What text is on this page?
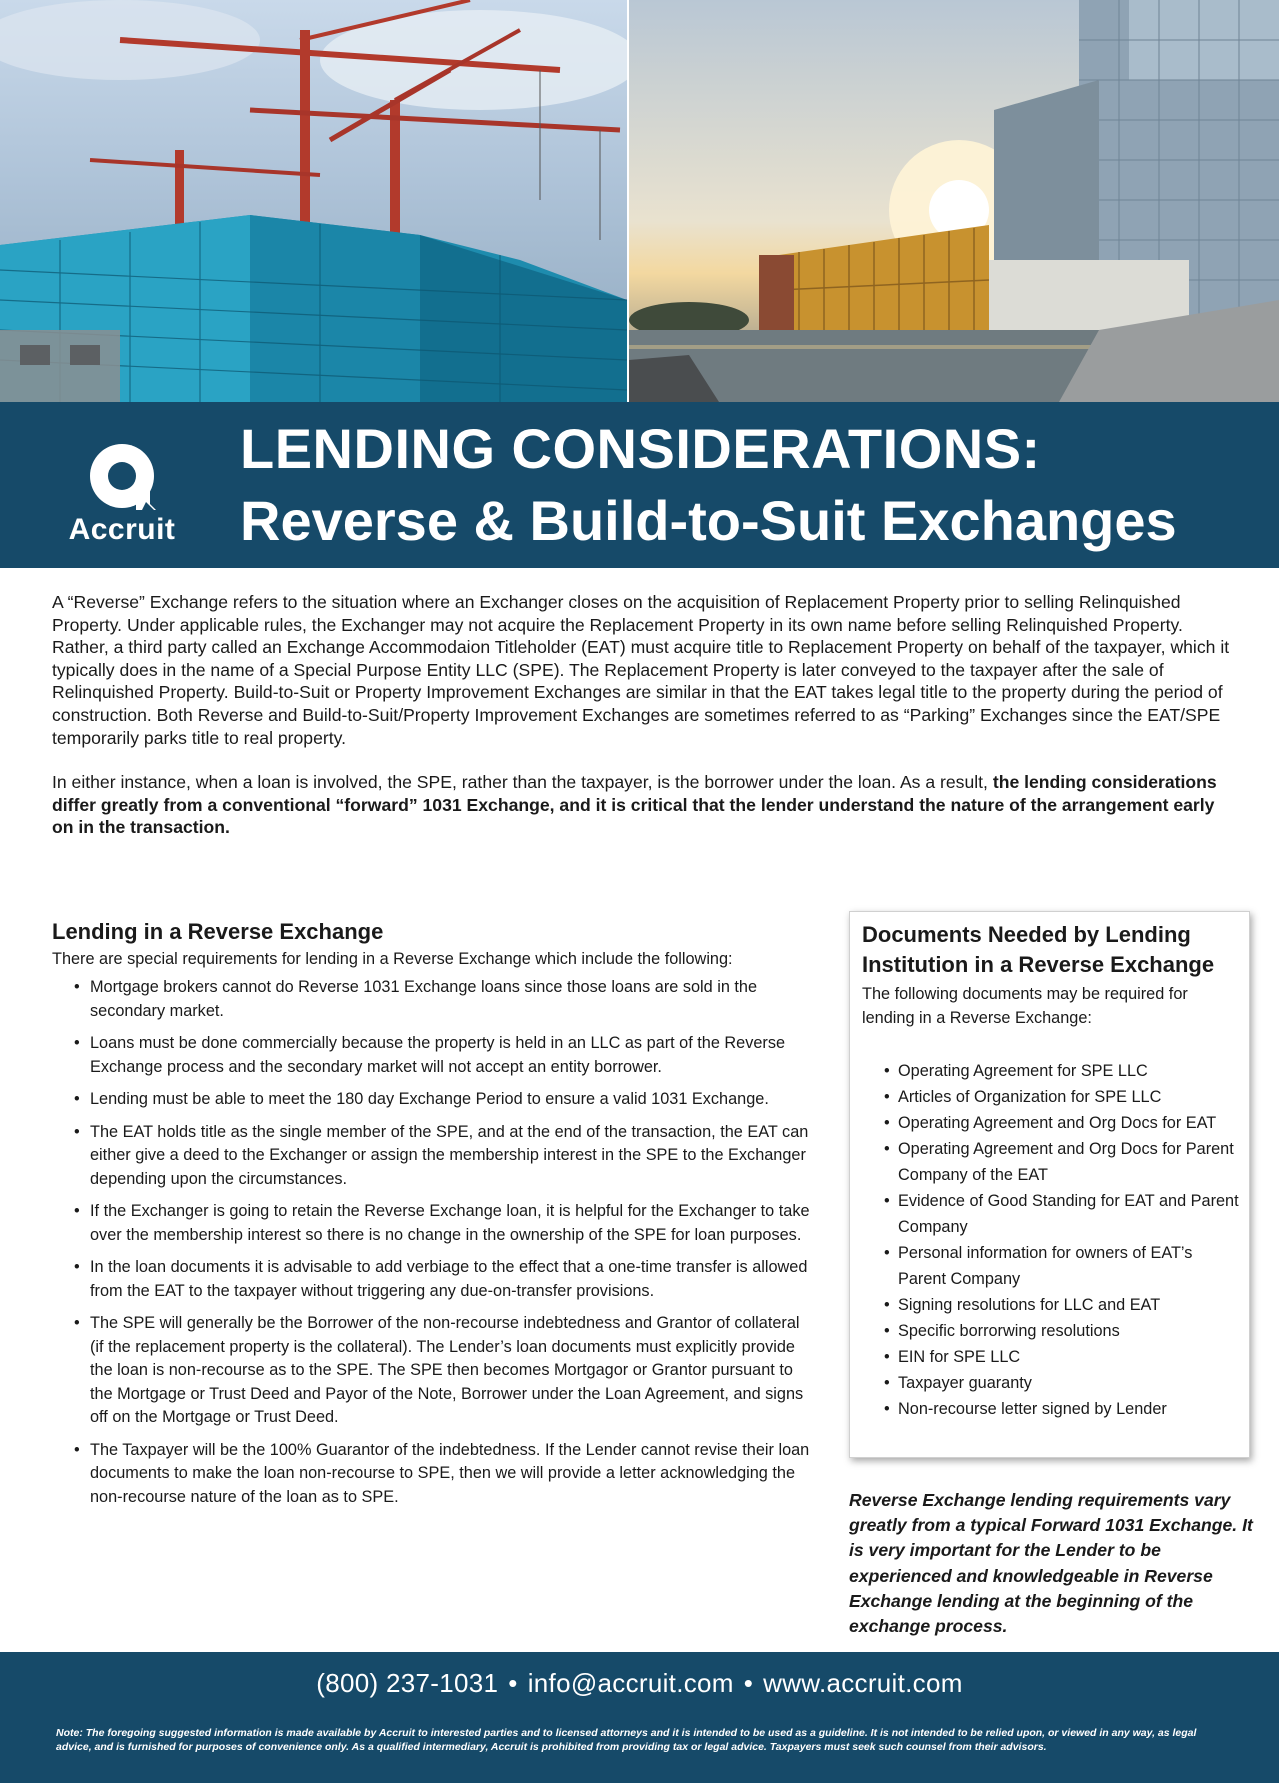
Accruit
LENDING CONSIDERATIONS:
Reverse & Build-to-Suit Exchanges

A “Reverse” Exchange refers to the situation where an Exchanger closes on the acquisition of Replacement Property prior to selling Relinquished Property. Under applicable rules, the Exchanger may not acquire the Replacement Property in its own name before selling Relinquished Property. Rather, a third party called an Exchange Accommodaion Titleholder (EAT) must acquire title to Replacement Property on behalf of the taxpayer, which it typically does in the name of a Special Purpose Entity LLC (SPE). The Replacement Property is later conveyed to the taxpayer after the sale of Relinquished Property. Build-to-Suit or Property Improvement Exchanges are similar in that the EAT takes legal title to the property during the period of construction. Both Reverse and Build-to-Suit/Property Improvement Exchanges are sometimes referred to as “Parking” Exchanges since the EAT/SPE temporarily parks title to real property.

In either instance, when a loan is involved, the SPE, rather than the taxpayer, is the borrower under the loan. As a result, the lending considerations differ greatly from a conventional “forward” 1031 Exchange, and it is critical that the lender understand the nature of the arrangement early on in the transaction.

Lending in a Reverse Exchange

There are special requirements for lending in a Reverse Exchange which include the following:

• Mortgage brokers cannot do Reverse 1031 Exchange loans since those loans are sold in the secondary market.
• Loans must be done commercially because the property is held in an LLC as part of the Reverse Exchange process and the secondary market will not accept an entity borrower.
• Lending must be able to meet the 180 day Exchange Period to ensure a valid 1031 Exchange.
• The EAT holds title as the single member of the SPE, and at the end of the transaction, the EAT can either give a deed to the Exchanger or assign the membership interest in the SPE to the Exchanger depending upon the circumstances.
• If the Exchanger is going to retain the Reverse Exchange loan, it is helpful for the Exchanger to take over the membership interest so there is no change in the ownership of the SPE for loan purposes.
• In the loan documents it is advisable to add verbiage to the effect that a one-time transfer is allowed from the EAT to the taxpayer without triggering any due-on-transfer provisions.
• The SPE will generally be the Borrower of the non-recourse indebtedness and Grantor of collateral (if the replacement property is the collateral). The Lender’s loan documents must explicitly provide the loan is non-recourse as to the SPE. The SPE then becomes Mortgagor or Grantor pursuant to the Mortgage or Trust Deed and Payor of the Note, Borrower under the Loan Agreement, and signs off on the Mortgage or Trust Deed.
• The Taxpayer will be the 100% Guarantor of the indebtedness. If the Lender cannot revise their loan documents to make the loan non-recourse to SPE, then we will provide a letter acknowledging the non-recourse nature of the loan as to SPE.
Documents Needed by Lending Institution in a Reverse Exchange

The following documents may be required for lending in a Reverse Exchange:

• Operating Agreement for SPE LLC
• Articles of Organization for SPE LLC
• Operating Agreement and Org Docs for EAT
• Operating Agreement and Org Docs for Parent Company of the EAT
• Evidence of Good Standing for EAT and Parent Company
• Personal information for owners of EAT’s Parent Company
• Signing resolutions for LLC and EAT
• Specific borrorwing resolutions
• EIN for SPE LLC
• Taxpayer guaranty
• Non-recourse letter signed by Lender

Reverse Exchange lending requirements vary greatly from a typical Forward 1031 Exchange. It is very important for the Lender to be experienced and knowledgeable in Reverse Exchange lending at the beginning of the exchange process.

(800) 237-1031 • info@accruit.com • www.accruit.com

Note: The foregoing suggested information is made available by Accruit to interested parties and to licensed attorneys and it is intended to be used as a guideline. It is not intended to be relied upon, or viewed in any way, as legal advice, and is furnished for purposes of convenience only. As a qualified intermediary, Accruit is prohibited from providing tax or legal advice. Taxpayers must seek such counsel from their advisors.
